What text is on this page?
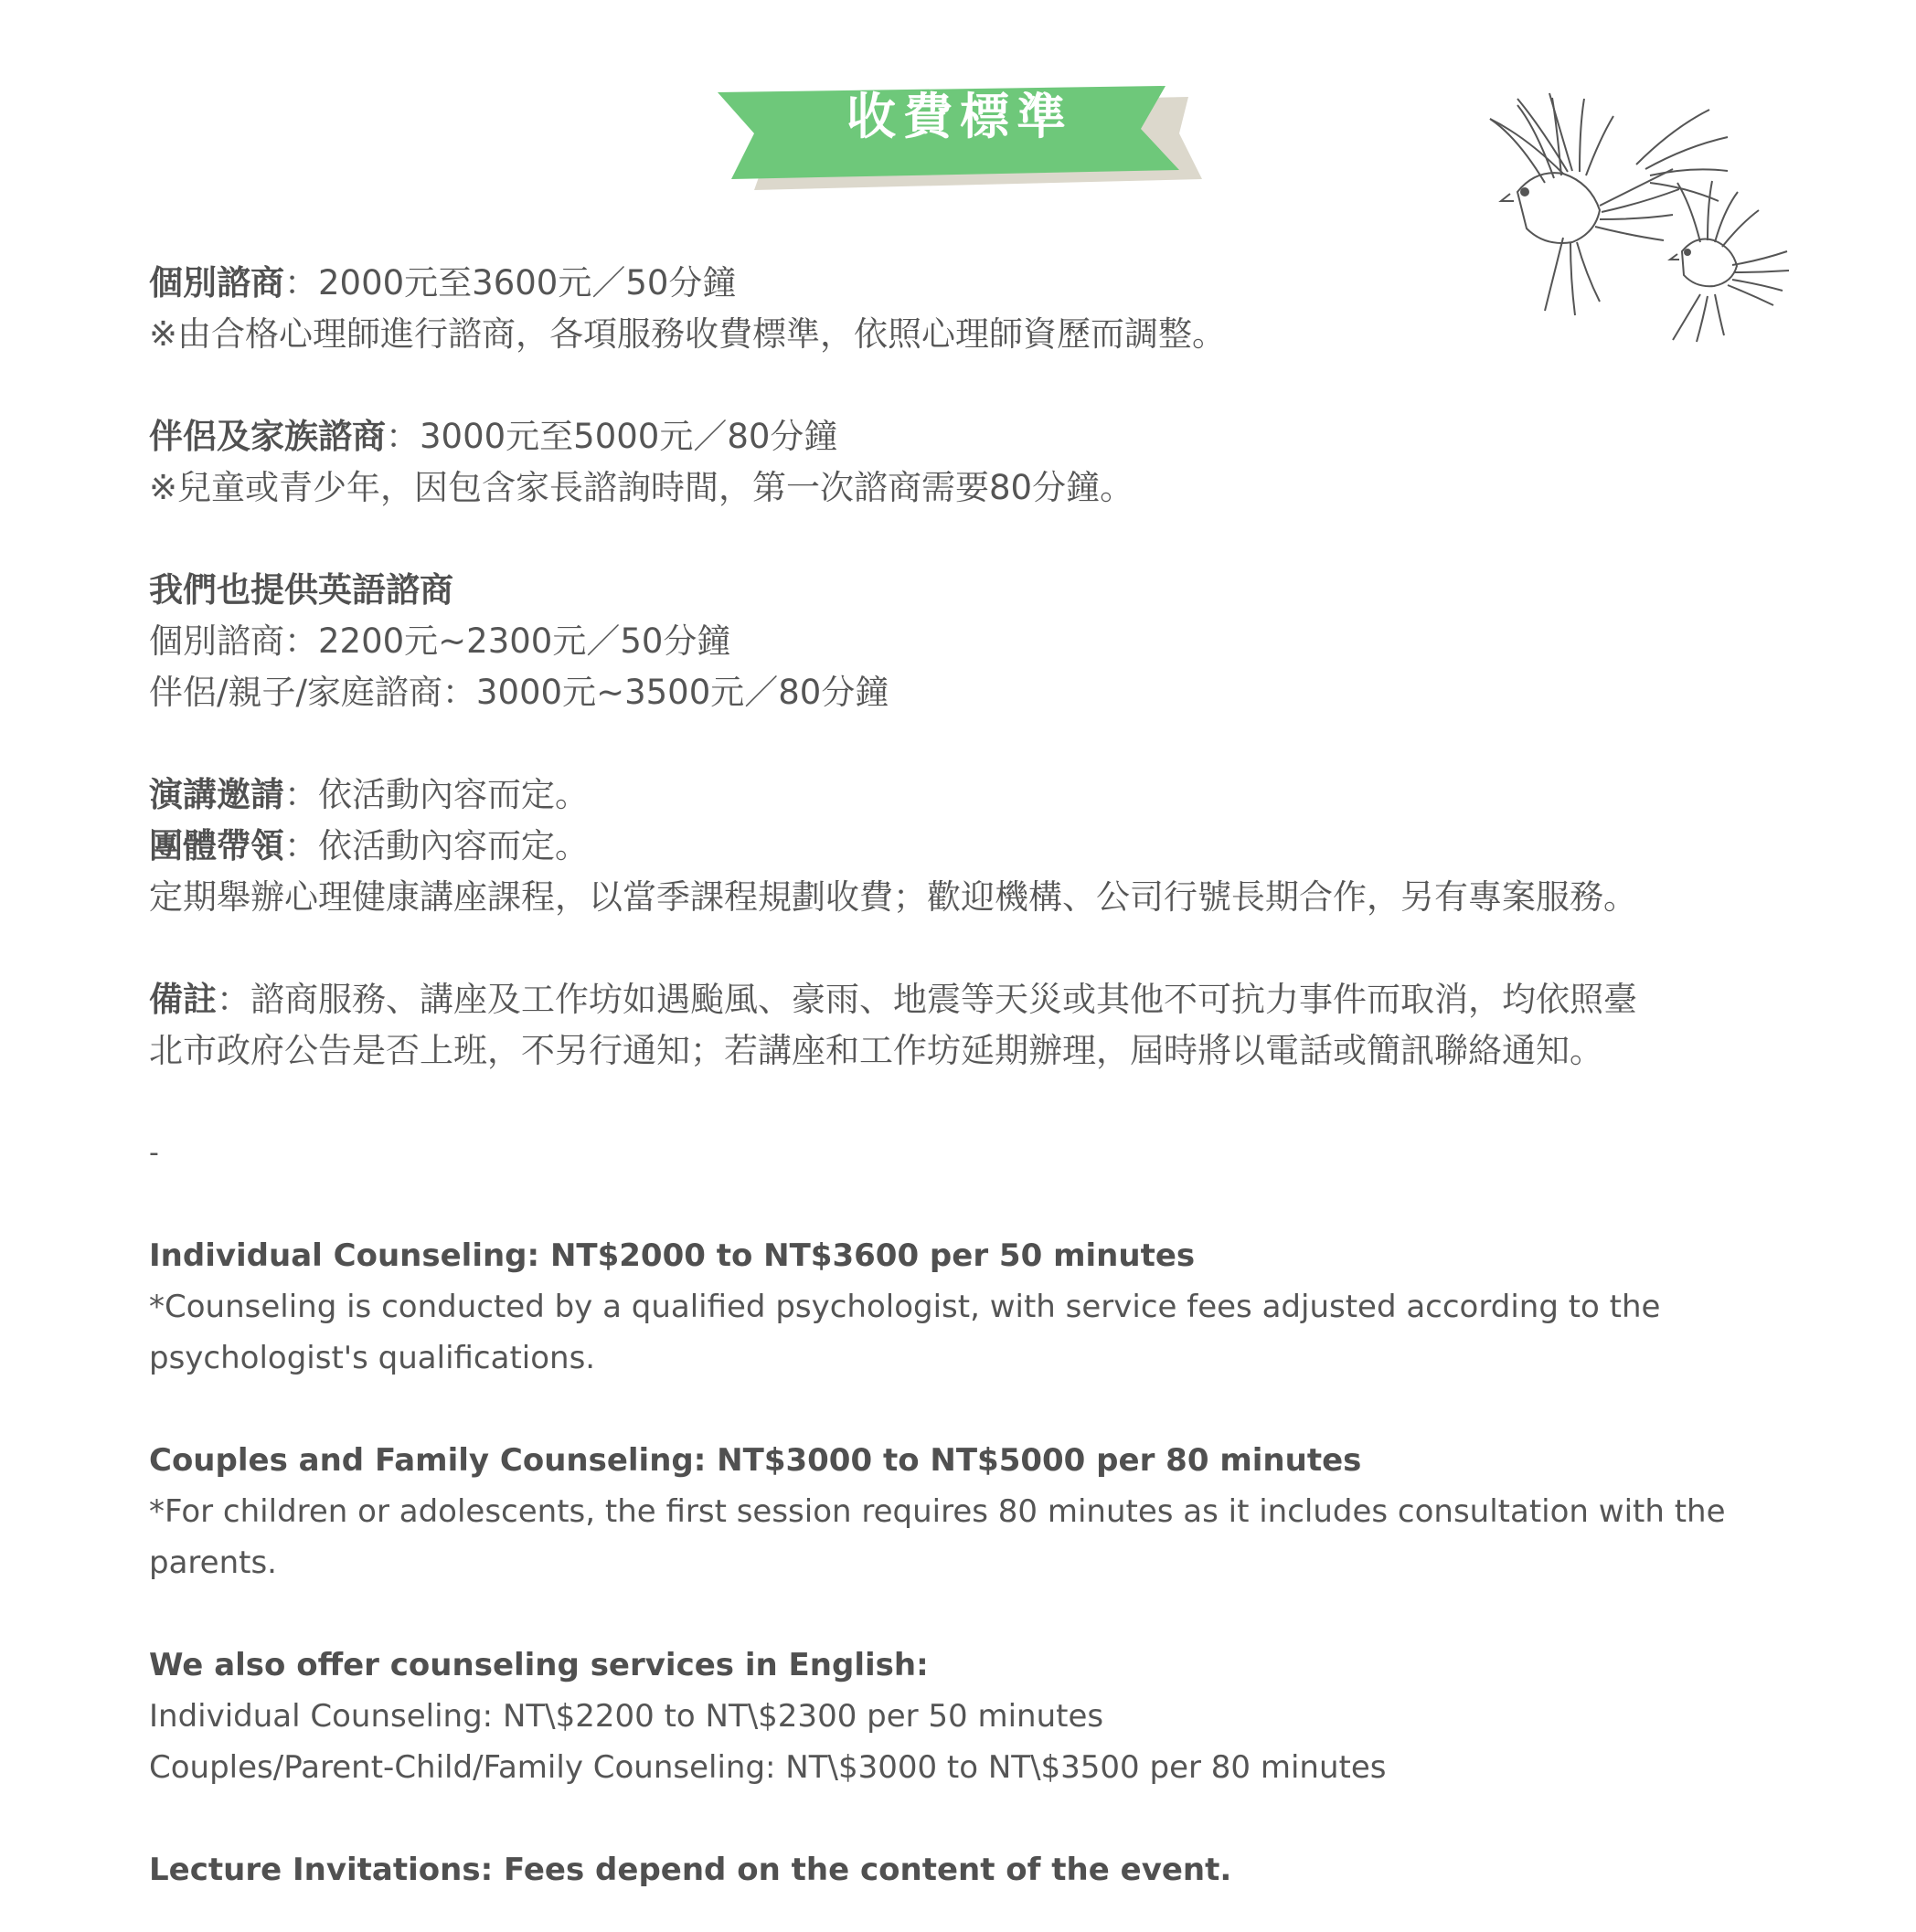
收費標準
個別諮商：2000元至3600元／50分鐘
※由合格心理師進行諮商，各項服務收費標準，依照心理師資歷而調整。
伴侶及家族諮商：3000元至5000元／80分鐘
※兒童或青少年，因包含家長諮詢時間，第一次諮商需要80分鐘。
我們也提供英語諮商
個別諮商：2200元~2300元／50分鐘
伴侶/親子/家庭諮商：3000元~3500元／80分鐘
演講邀請：依活動內容而定。
團體帶領：依活動內容而定。
定期舉辦心理健康講座課程，以當季課程規劃收費；歡迎機構、公司行號長期合作，另有專案服務。
備註：諮商服務、講座及工作坊如遇颱風、豪雨、地震等天災或其他不可抗力事件而取消，均依照臺
北市政府公告是否上班，不另行通知；若講座和工作坊延期辦理，屆時將以電話或簡訊聯絡通知。
-
Individual Counseling: NT$2000 to NT$3600 per 50 minutes
*Counseling is conducted by a qualified psychologist, with service fees adjusted according to the psychologist's qualifications.
Couples and Family Counseling: NT$3000 to NT$5000 per 80 minutes
*For children or adolescents, the first session requires 80 minutes as it includes consultation with the parents.
We also offer counseling services in English:
Individual Counseling: NT\$2200 to NT\$2300 per 50 minutes
Couples/Parent-Child/Family Counseling: NT\$3000 to NT\$3500 per 80 minutes
Lecture Invitations: Fees depend on the content of the event.
